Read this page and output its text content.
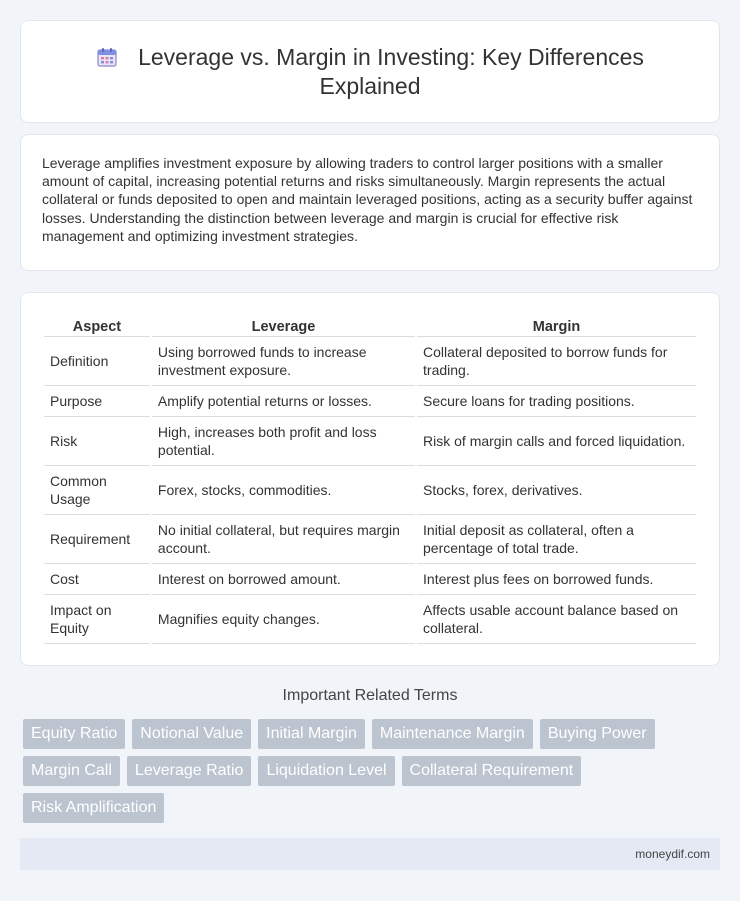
Leverage vs. Margin in Investing: Key Differences Explained

Leverage amplifies investment exposure by allowing traders to control larger positions with a smaller amount of capital, increasing potential returns and risks simultaneously. Margin represents the actual collateral or funds deposited to open and maintain leveraged positions, acting as a security buffer against losses. Understanding the distinction between leverage and margin is crucial for effective risk management and optimizing investment strategies.

Aspect	Leverage	Margin
Definition	Using borrowed funds to increase investment exposure.	Collateral deposited to borrow funds for trading.
Purpose	Amplify potential returns or losses.	Secure loans for trading positions.
Risk	High, increases both profit and loss potential.	Risk of margin calls and forced liquidation.
Common Usage	Forex, stocks, commodities.	Stocks, forex, derivatives.
Requirement	No initial collateral, but requires margin account.	Initial deposit as collateral, often a percentage of total trade.
Cost	Interest on borrowed amount.	Interest plus fees on borrowed funds.
Impact on Equity	Magnifies equity changes.	Affects usable account balance based on collateral.
Important Related Terms
Equity Ratio	Notional Value	Initial Margin	Maintenance Margin	Buying Power
Margin Call	Leverage Ratio	Liquidation Level	Collateral Requirement
Risk Amplification
moneydif.com
